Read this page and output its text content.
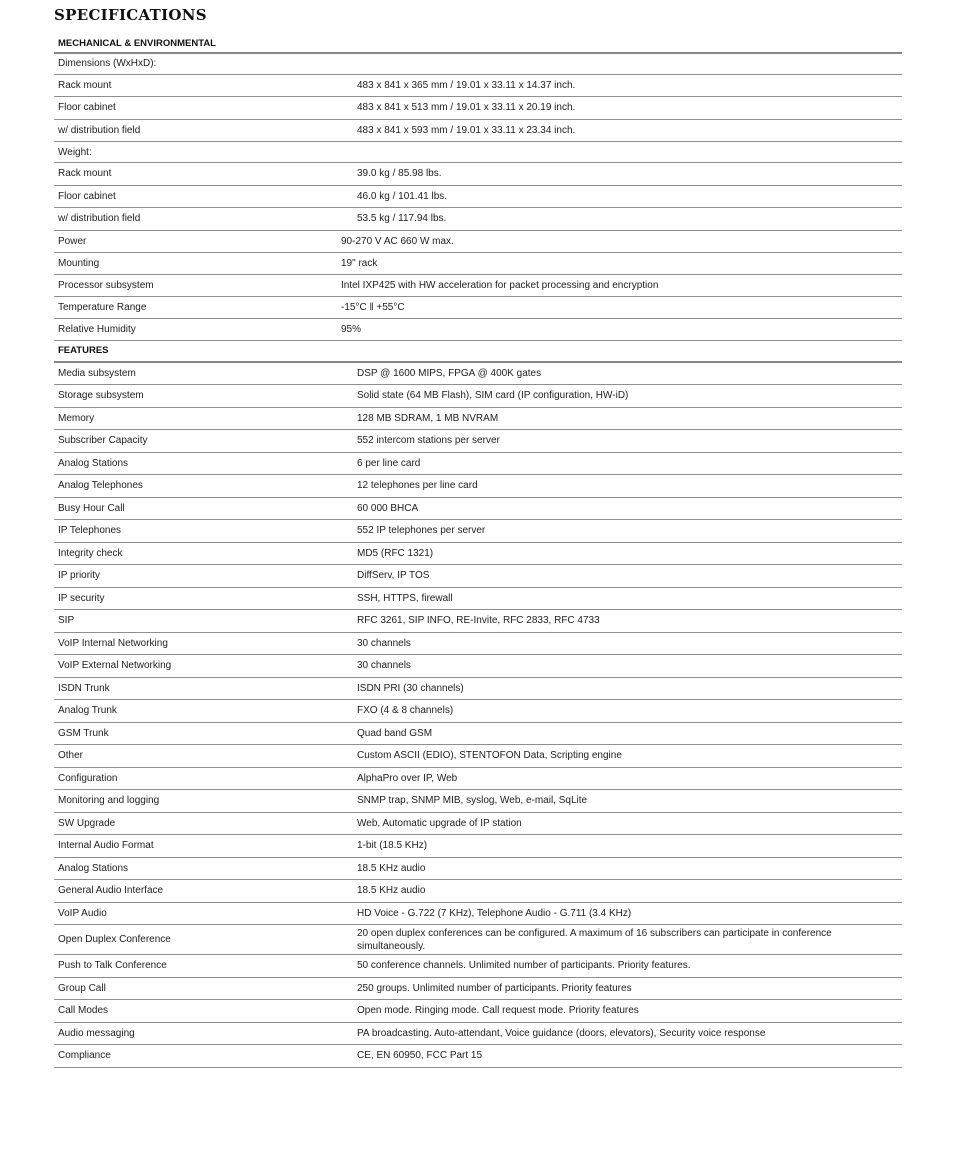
SPECIFICATIONS
MECHANICAL & ENVIRONMENTAL	
Dimensions (WxHxD):	
Rack mount	483 x 841 x 365 mm / 19.01 x 33.11 x 14.37 inch.
Floor cabinet	483 x 841 x 513 mm / 19.01 x 33.11 x 20.19 inch.
w/ distribution field	483 x 841 x 593 mm / 19.01 x 33.11 x 23.34 inch.
Weight:	
Rack mount	39.0 kg / 85.98 lbs.
Floor cabinet	46.0 kg / 101.41 lbs.
w/ distribution field	53.5 kg / 117.94 lbs.
Power	90-270 V AC 660 W max.
Mounting	19" rack
Processor subsystem	Intel IXP425 with HW acceleration for packet processing and encryption
Temperature Range	-15°C ‖ +55°C
Relative Humidity	95%
FEATURES	
Media subsystem	DSP @ 1600 MIPS, FPGA @ 400K gates
Storage subsystem	Solid state (64 MB Flash), SIM card (IP configuration, HW-iD)
Memory	128 MB SDRAM, 1 MB NVRAM
Subscriber Capacity	552 intercom stations per server
Analog Stations	6 per line card
Analog Telephones	12 telephones per line card
Busy Hour Call	60 000 BHCA
IP Telephones	552 IP telephones per server
Integrity check	MD5 (RFC 1321)
IP priority	DiffServ, IP TOS
IP security	SSH, HTTPS, firewall
SIP	RFC 3261, SIP INFO, RE-Invite, RFC 2833, RFC 4733
VoIP Internal Networking	30 channels
VoIP External Networking	30 channels
ISDN Trunk	ISDN PRI (30 channels)
Analog Trunk	FXO (4 & 8 channels)
GSM Trunk	Quad band GSM
Other	Custom ASCII (EDIO), STENTOFON Data, Scripting engine
Configuration	AlphaPro over IP, Web
Monitoring and logging	SNMP trap, SNMP MIB, syslog, Web, e-mail, SqLite
SW Upgrade	Web, Automatic upgrade of IP station
Internal Audio Format	1-bit (18.5 KHz)
Analog Stations	18.5 KHz audio
General Audio Interface	18.5 KHz audio
VoIP Audio	HD Voice - G.722 (7 KHz), Telephone Audio - G.711 (3.4 KHz)
Open Duplex Conference	20 open duplex conferences can be configured. A maximum of 16 subscribers can participate in conference simultaneously.
Push to Talk Conference	50 conference channels. Unlimited number of participants. Priority features.
Group Call	250 groups. Unlimited number of participants. Priority features
Call Modes	Open mode. Ringing mode. Call request mode. Priority features
Audio messaging	PA broadcasting. Auto-attendant, Voice guidance (doors, elevators), Security voice response
Compliance	CE, EN 60950, FCC Part 15
